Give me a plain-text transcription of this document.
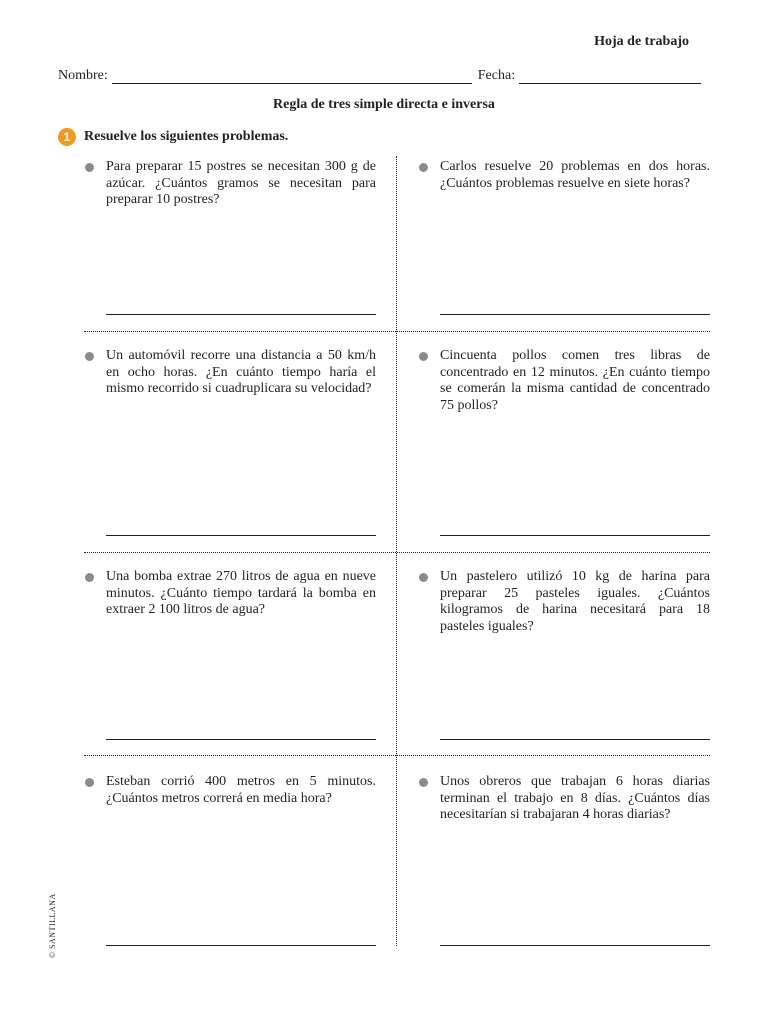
Hoja de trabajo
Nombre:	Fecha:
Regla de tres simple directa e inversa
1 Resuelve los siguientes problemas.
Para preparar 15 postres se necesitan 300 g de azúcar. ¿Cuántos gramos se necesitan para preparar 10 postres?
Carlos resuelve 20 problemas en dos horas. ¿Cuántos problemas resuelve en siete horas?
Un automóvil recorre una distancia a 50 km/h en ocho horas. ¿En cuánto tiempo haría el mismo recorrido si cuadruplicara su velocidad?
Cincuenta pollos comen tres libras de concentrado en 12 minutos. ¿En cuánto tiempo se comerán la misma cantidad de concentrado 75 pollos?
Una bomba extrae 270 litros de agua en nueve minutos. ¿Cuánto tiempo tardará la bomba en extraer 2 100 litros de agua?
Un pastelero utilizó 10 kg de harina para preparar 25 pasteles iguales. ¿Cuántos kilogramos de harina necesitará para 18 pasteles iguales?
Esteban corrió 400 metros en 5 minutos. ¿Cuántos metros correrá en media hora?
Unos obreros que trabajan 6 horas diarias terminan el trabajo en 8 días. ¿Cuántos días necesitarían si trabajaran 4 horas diarias?
© SANTILLANA
